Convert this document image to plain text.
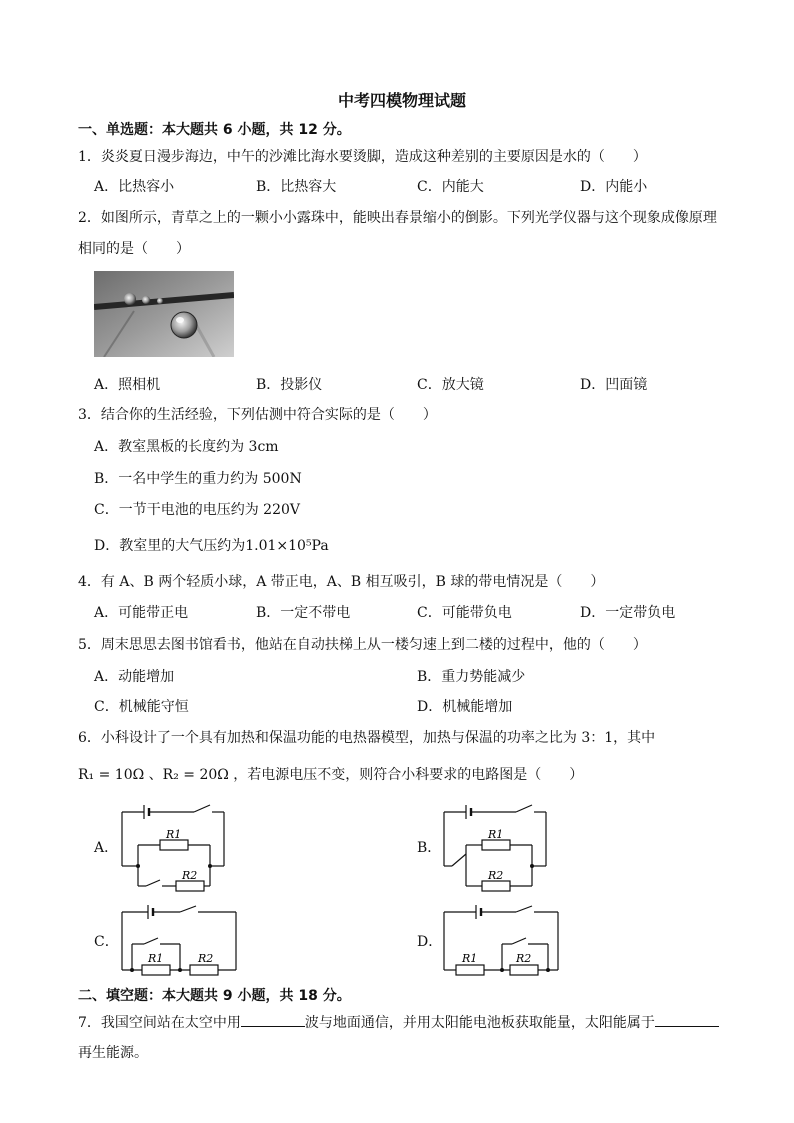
中考四模物理试题
一、单选题：本大题共 6 小题，共 12 分。
1．炎炎夏日漫步海边，中午的沙滩比海水要烫脚，造成这种差别的主要原因是水的（　　）
A．比热容小	B．比热容大	C．内能大	D．内能小
2．如图所示，青草之上的一颗小小露珠中，能映出春景缩小的倒影。下列光学仪器与这个现象成像原理
相同的是（　　）
A．照相机	B．投影仪	C．放大镜	D．凹面镜
3．结合你的生活经验，下列估测中符合实际的是（　　）
A．教室黑板的长度约为 3cm
B．一名中学生的重力约为 500N
C．一节干电池的电压约为 220V
D．教室里的大气压约为1.01×10⁵Pa
4．有 A、B 两个轻质小球，A 带正电，A、B 相互吸引，B 球的带电情况是（　　）
A．可能带正电	B．一定不带电	C．可能带负电	D．一定带负电
5．周末思思去图书馆看书，他站在自动扶梯上从一楼匀速上到二楼的过程中，他的（　　）
A．动能增加	B．重力势能减少
C．机械能守恒	D．机械能增加
6．小科设计了一个具有加热和保温功能的电热器模型，加热与保温的功率之比为 3：1，其中
R₁ = 10Ω 、R₂ = 20Ω ，若电源电压不变，则符合小科要求的电路图是（　　）
A．
R1
R2
B．
R1
R2
C．
R1	R2
D．
R1	R2
二、填空题：本大题共 9 小题，共 18 分。
7．我国空间站在太空中用	波与地面通信，并用太阳能电池板获取能量，太阳能属于
再生能源。
